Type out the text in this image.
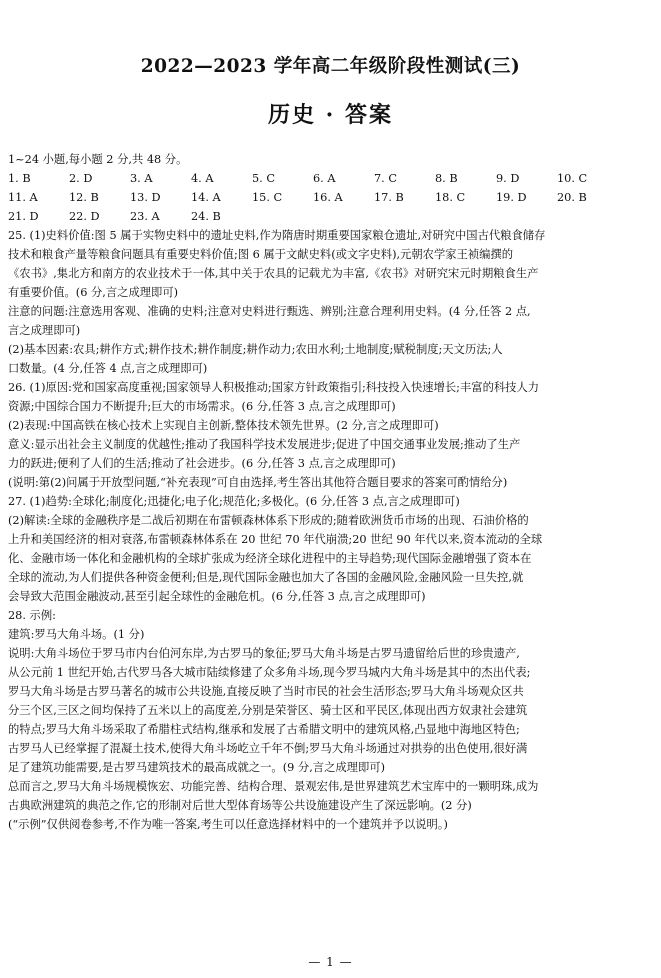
2022—2023 学年高二年级阶段性测试(三)
历史 · 答案
1~24 小题,每小题 2 分,共 48 分。
1. B	2. D	3. A	4. A	5. C	6. A	7. C	8. B	9. D	10. C
11. A	12. B	13. D	14. A	15. C	16. A	17. B	18. C	19. D	20. B
21. D	22. D	23. A	24. B
25. (1)史料价值:图 5 属于实物史料中的遗址史料,作为隋唐时期重要国家粮仓遗址,对研究中国古代粮食储存
技术和粮食产量等粮食问题具有重要史料价值;图 6 属于文献史料(或文字史料),元朝农学家王祯编撰的
《农书》,集北方和南方的农业技术于一体,其中关于农具的记载尤为丰富,《农书》对研究宋元时期粮食生产
有重要价值。(6 分,言之成理即可)
注意的问题:注意选用客观、准确的史料;注意对史料进行甄选、辨别;注意合理利用史料。(4 分,任答 2 点,
言之成理即可)
(2)基本因素:农具;耕作方式;耕作技术;耕作制度;耕作动力;农田水利;土地制度;赋税制度;天文历法;人
口数量。(4 分,任答 4 点,言之成理即可)
26. (1)原因:党和国家高度重视;国家领导人积极推动;国家方针政策指引;科技投入快速增长;丰富的科技人力
资源;中国综合国力不断提升;巨大的市场需求。(6 分,任答 3 点,言之成理即可)
(2)表现:中国高铁在核心技术上实现自主创新,整体技术领先世界。(2 分,言之成理即可)
意义:显示出社会主义制度的优越性;推动了我国科学技术发展进步;促进了中国交通事业发展;推动了生产
力的跃进;便利了人们的生活;推动了社会进步。(6 分,任答 3 点,言之成理即可)
(说明:第(2)问属于开放型问题,“补充表现”可自由选择,考生答出其他符合题目要求的答案可酌情给分)
27. (1)趋势:全球化;制度化;迅捷化;电子化;规范化;多极化。(6 分,任答 3 点,言之成理即可)
(2)解读:全球的金融秩序是二战后初期在布雷顿森林体系下形成的;随着欧洲货币市场的出现、石油价格的
上升和美国经济的相对衰落,布雷顿森林体系在 20 世纪 70 年代崩溃;20 世纪 90 年代以来,资本流动的全球
化、金融市场一体化和金融机构的全球扩张成为经济全球化进程中的主导趋势;现代国际金融增强了资本在
全球的流动,为人们提供各种资金便利;但是,现代国际金融也加大了各国的金融风险,金融风险一旦失控,就
会导致大范围金融波动,甚至引起全球性的金融危机。(6 分,任答 3 点,言之成理即可)
28. 示例:
建筑:罗马大角斗场。(1 分)
说明:大角斗场位于罗马市内台伯河东岸,为古罗马的象征;罗马大角斗场是古罗马遗留给后世的珍贵遗产,
从公元前 1 世纪开始,古代罗马各大城市陆续修建了众多角斗场,现今罗马城内大角斗场是其中的杰出代表;
罗马大角斗场是古罗马著名的城市公共设施,直接反映了当时市民的社会生活形态;罗马大角斗场观众区共
分三个区,三区之间均保持了五米以上的高度差,分别是荣誉区、骑士区和平民区,体现出西方奴隶社会建筑
的特点;罗马大角斗场采取了希腊柱式结构,继承和发展了古希腊文明中的建筑风格,凸显地中海地区特色;
古罗马人已经掌握了混凝土技术,使得大角斗场屹立千年不倒;罗马大角斗场通过对拱券的出色使用,很好满
足了建筑功能需要,是古罗马建筑技术的最高成就之一。(9 分,言之成理即可)
总而言之,罗马大角斗场规模恢宏、功能完善、结构合理、景观宏伟,是世界建筑艺术宝库中的一颗明珠,成为
古典欧洲建筑的典范之作,它的形制对后世大型体育场等公共设施建设产生了深远影响。(2 分)
(“示例”仅供阅卷参考,不作为唯一答案,考生可以任意选择材料中的一个建筑并予以说明。)
— 1 —
